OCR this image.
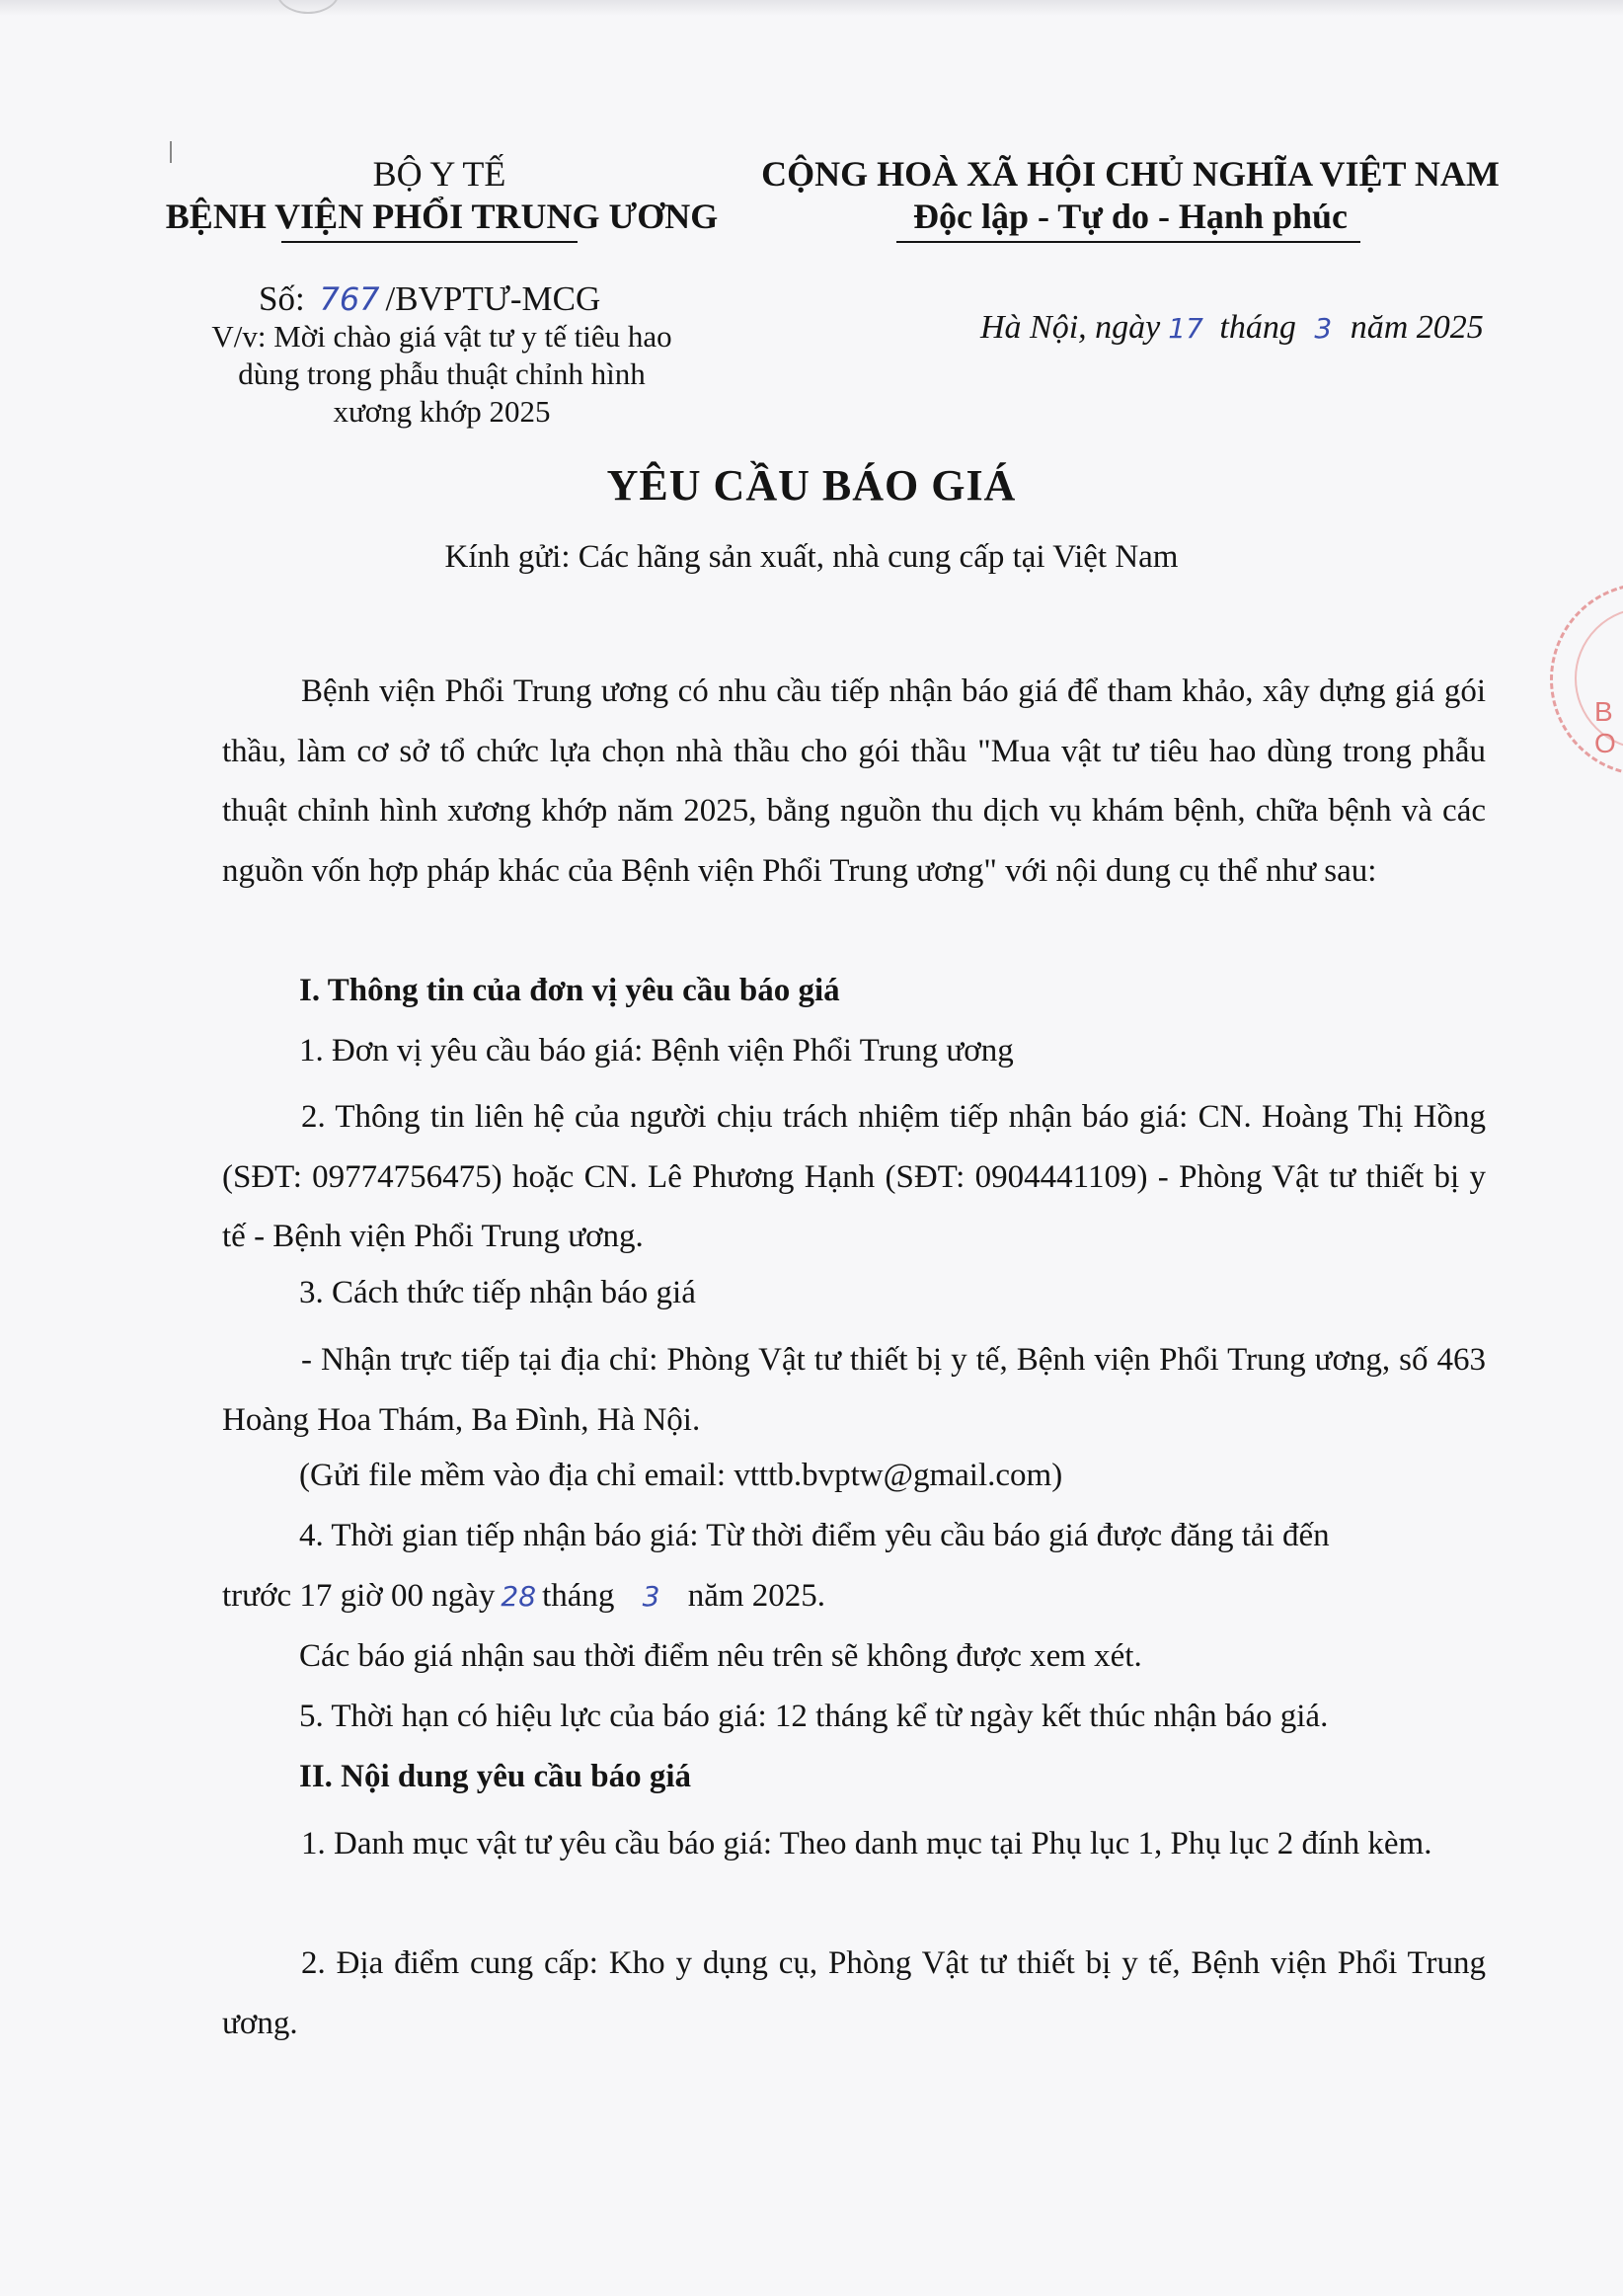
BỘ Y TẾ
BỆNH VIỆN PHỔI TRUNG ƯƠNG
Số: 767 /BVPTƯ-MCG
V/v: Mời chào giá vật tư y tế tiêu hao
dùng trong phẫu thuật chỉnh hình
xương khớp 2025
CỘNG HOÀ XÃ HỘI CHỦ NGHĨA VIỆT NAM
Độc lập - Tự do - Hạnh phúc
Hà Nội, ngày 17 tháng 3 năm 2025
YÊU CẦU BÁO GIÁ
Kính gửi: Các hãng sản xuất, nhà cung cấp tại Việt Nam
Bệnh viện Phổi Trung ương có nhu cầu tiếp nhận báo giá để tham khảo, xây dựng giá gói thầu, làm cơ sở tổ chức lựa chọn nhà thầu cho gói thầu "Mua vật tư tiêu hao dùng trong phẫu thuật chỉnh hình xương khớp năm 2025, bằng nguồn thu dịch vụ khám bệnh, chữa bệnh và các nguồn vốn hợp pháp khác của Bệnh viện Phổi Trung ương" với nội dung cụ thể như sau:
I. Thông tin của đơn vị yêu cầu báo giá
1. Đơn vị yêu cầu báo giá: Bệnh viện Phổi Trung ương
2. Thông tin liên hệ của người chịu trách nhiệm tiếp nhận báo giá: CN. Hoàng Thị Hồng (SĐT: 09774756475) hoặc CN. Lê Phương Hạnh (SĐT: 0904441109) - Phòng Vật tư thiết bị y tế - Bệnh viện Phổi Trung ương.
3. Cách thức tiếp nhận báo giá
- Nhận trực tiếp tại địa chỉ: Phòng Vật tư thiết bị y tế, Bệnh viện Phổi Trung ương, số 463 Hoàng Hoa Thám, Ba Đình, Hà Nội.
(Gửi file mềm vào địa chỉ email: vtttb.bvptw@gmail.com)
4. Thời gian tiếp nhận báo giá: Từ thời điểm yêu cầu báo giá được đăng tải đến
trước 17 giờ 00 ngày 28 tháng 3 năm 2025.
Các báo giá nhận sau thời điểm nêu trên sẽ không được xem xét.
5. Thời hạn có hiệu lực của báo giá: 12 tháng kể từ ngày kết thúc nhận báo giá.
II. Nội dung yêu cầu báo giá
1. Danh mục vật tư yêu cầu báo giá: Theo danh mục tại Phụ lục 1, Phụ lục 2 đính kèm.
2. Địa điểm cung cấp: Kho y dụng cụ, Phòng Vật tư thiết bị y tế, Bệnh viện Phổi Trung ương.
B O
